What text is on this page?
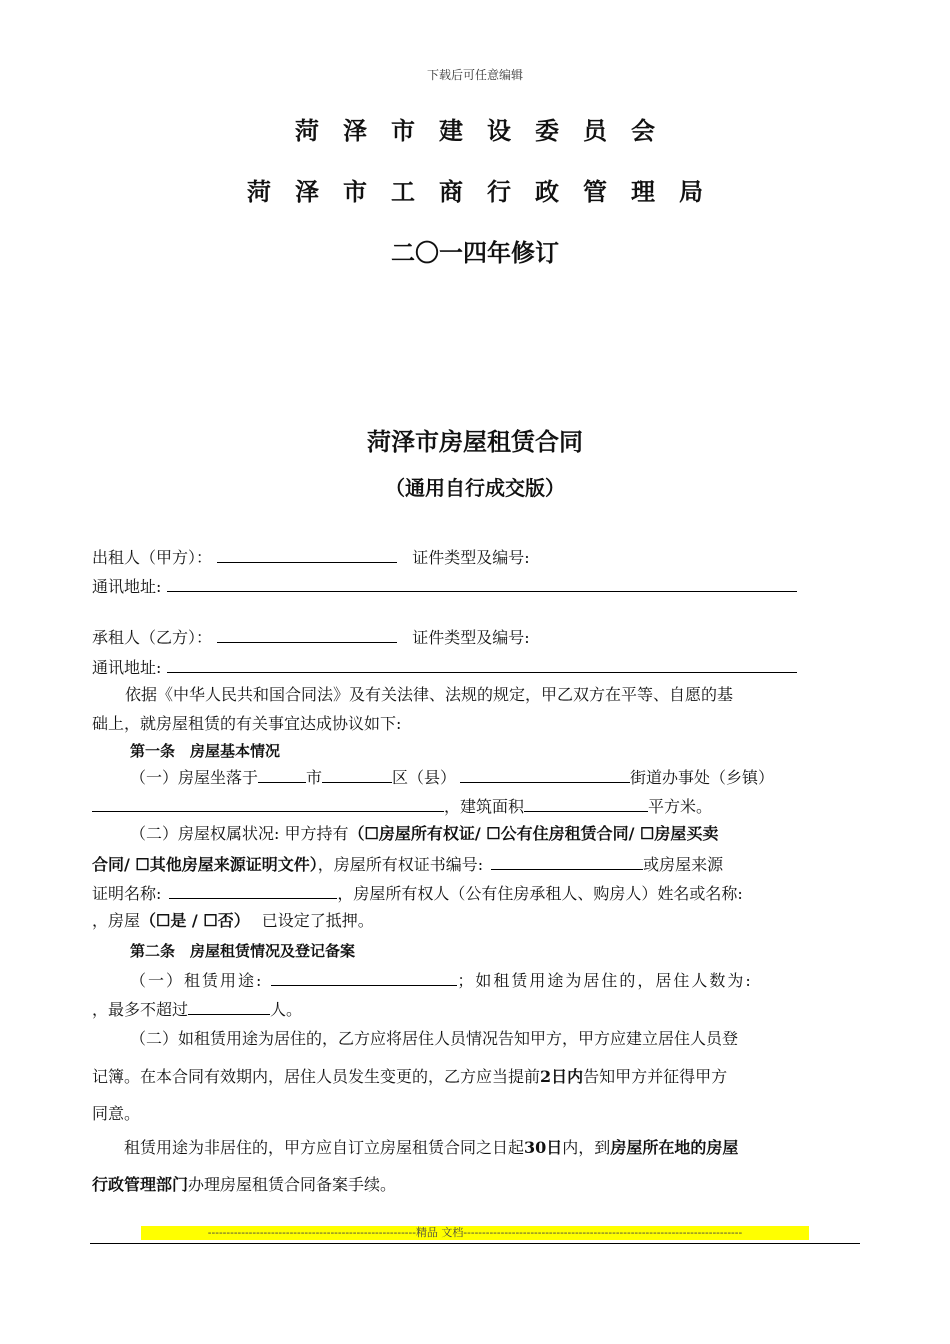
下载后可任意编辑
菏泽市建设委员会
菏泽市工商行政管理局
二〇一四年修订
菏泽市房屋租赁合同
（通用自行成交版）
出租人（甲方）：	证件类型及编号:
通讯地址:
承租人（乙方）：	证件类型及编号:
通讯地址:
依据《中华人民共和国合同法》及有关法律、法规的规定，甲乙双方在平等、自愿的基
础上，就房屋租赁的有关事宜达成协议如下:
第一条　房屋基本情况
（一）房屋坐落于	市	区（县）	街道办事处（乡镇）
，建筑面积	平方米。
（二）房屋权属状况: 甲方持有（☐房屋所有权证/ ☐公有住房租赁合同/ ☐房屋买卖
合同/ ☐其他房屋来源证明文件），房屋所有权证书编号:	或房屋来源
证明名称:	，房屋所有权人（公有住房承租人、购房人）姓名或名称:
，房屋（☐是 / ☐否） 已设定了抵押。
第二条　房屋租赁情况及登记备案
（一）租赁用途:	；如租赁用途为居住的，居住人数为:
，最多不超过	人。
（二）如租赁用途为居住的，乙方应将居住人员情况告知甲方，甲方应建立居住人员登
记簿。在本合同有效期内，居住人员发生变更的，乙方应当提前2日内告知甲方并征得甲方
同意。
租赁用途为非居住的，甲方应自订立房屋租赁合同之日起30日内，到房屋所在地的房屋
行政管理部门办理房屋租赁合同备案手续。
--------------------------------------------------------精品 文档---------------------------------------------------------------------------
